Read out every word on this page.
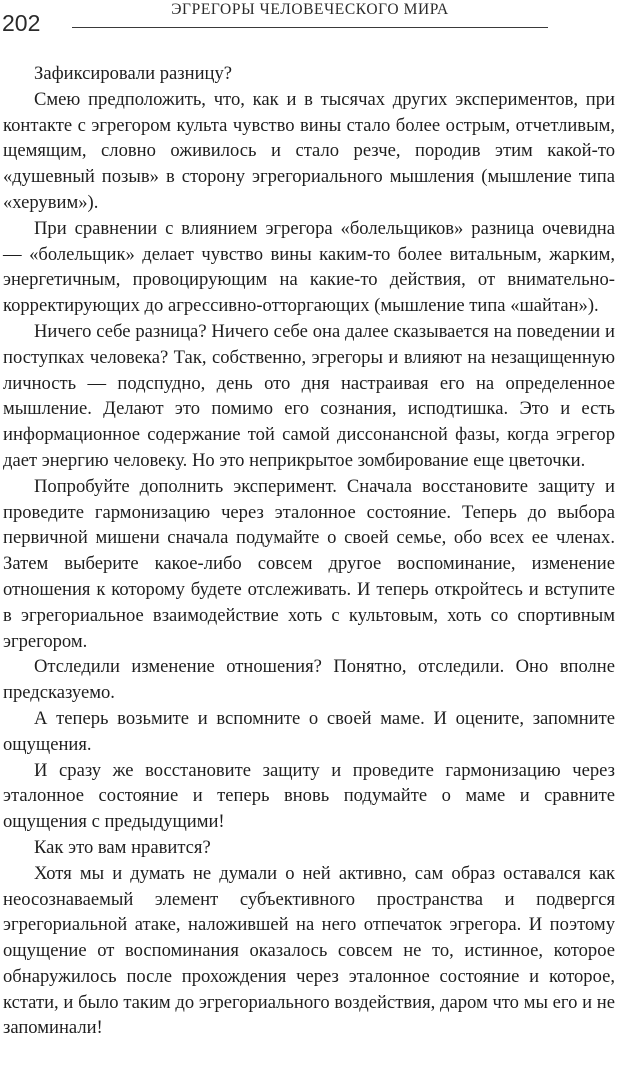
202
ЭГРЕГОРЫ ЧЕЛОВЕЧЕСКОГО МИРА

Зафиксировали разницу?

Смею предположить, что, как и в тысячах других экспериментов, при контакте с эгрегором культа чувство вины стало более острым, отчетливым, щемящим, словно оживилось и стало резче, породив этим какой-то «душевный позыв» в сторону эгрегориального мышления (мышление типа «херувим»).

При сравнении с влиянием эгрегора «болельщиков» разница очевидна — «болельщик» делает чувство вины каким-то более витальным, жарким, энергетичным, провоцирующим на какие-то действия, от внимательно-корректирующих до агрессивно-отторгающих (мышление типа «шайтан»).

Ничего себе разница? Ничего себе она далее сказывается на поведении и поступках человека? Так, собственно, эгрегоры и влияют на незащищенную личность — подспудно, день ото дня настраивая его на определенное мышление. Делают это помимо его сознания, исподтишка. Это и есть информационное содержание той самой диссонансной фазы, когда эгрегор дает энергию человеку. Но это неприкрытое зомбирование еще цветочки.

Попробуйте дополнить эксперимент. Сначала восстановите защиту и проведите гармонизацию через эталонное состояние. Теперь до выбора первичной мишени сначала подумайте о своей семье, обо всех ее членах. Затем выберите какое-либо совсем другое воспоминание, изменение отношения к которому будете отслеживать. И теперь откройтесь и вступите в эгрегориальное взаимодействие хоть с культовым, хоть со спортивным эгрегором.

Отследили изменение отношения? Понятно, отследили. Оно вполне предсказуемо.

А теперь возьмите и вспомните о своей маме. И оцените, запомните ощущения.

И сразу же восстановите защиту и проведите гармонизацию через эталонное состояние и теперь вновь подумайте о маме и сравните ощущения с предыдущими!

Как это вам нравится?

Хотя мы и думать не думали о ней активно, сам образ оставался как неосознаваемый элемент субъективного пространства и подвергся эгрегориальной атаке, наложившей на него отпечаток эгрегора. И поэтому ощущение от воспоминания оказалось совсем не то, истинное, которое обнаружилось после прохождения через эталонное состояние и которое, кстати, и было таким до эгрегориального воздействия, даром что мы его и не запоминали!
